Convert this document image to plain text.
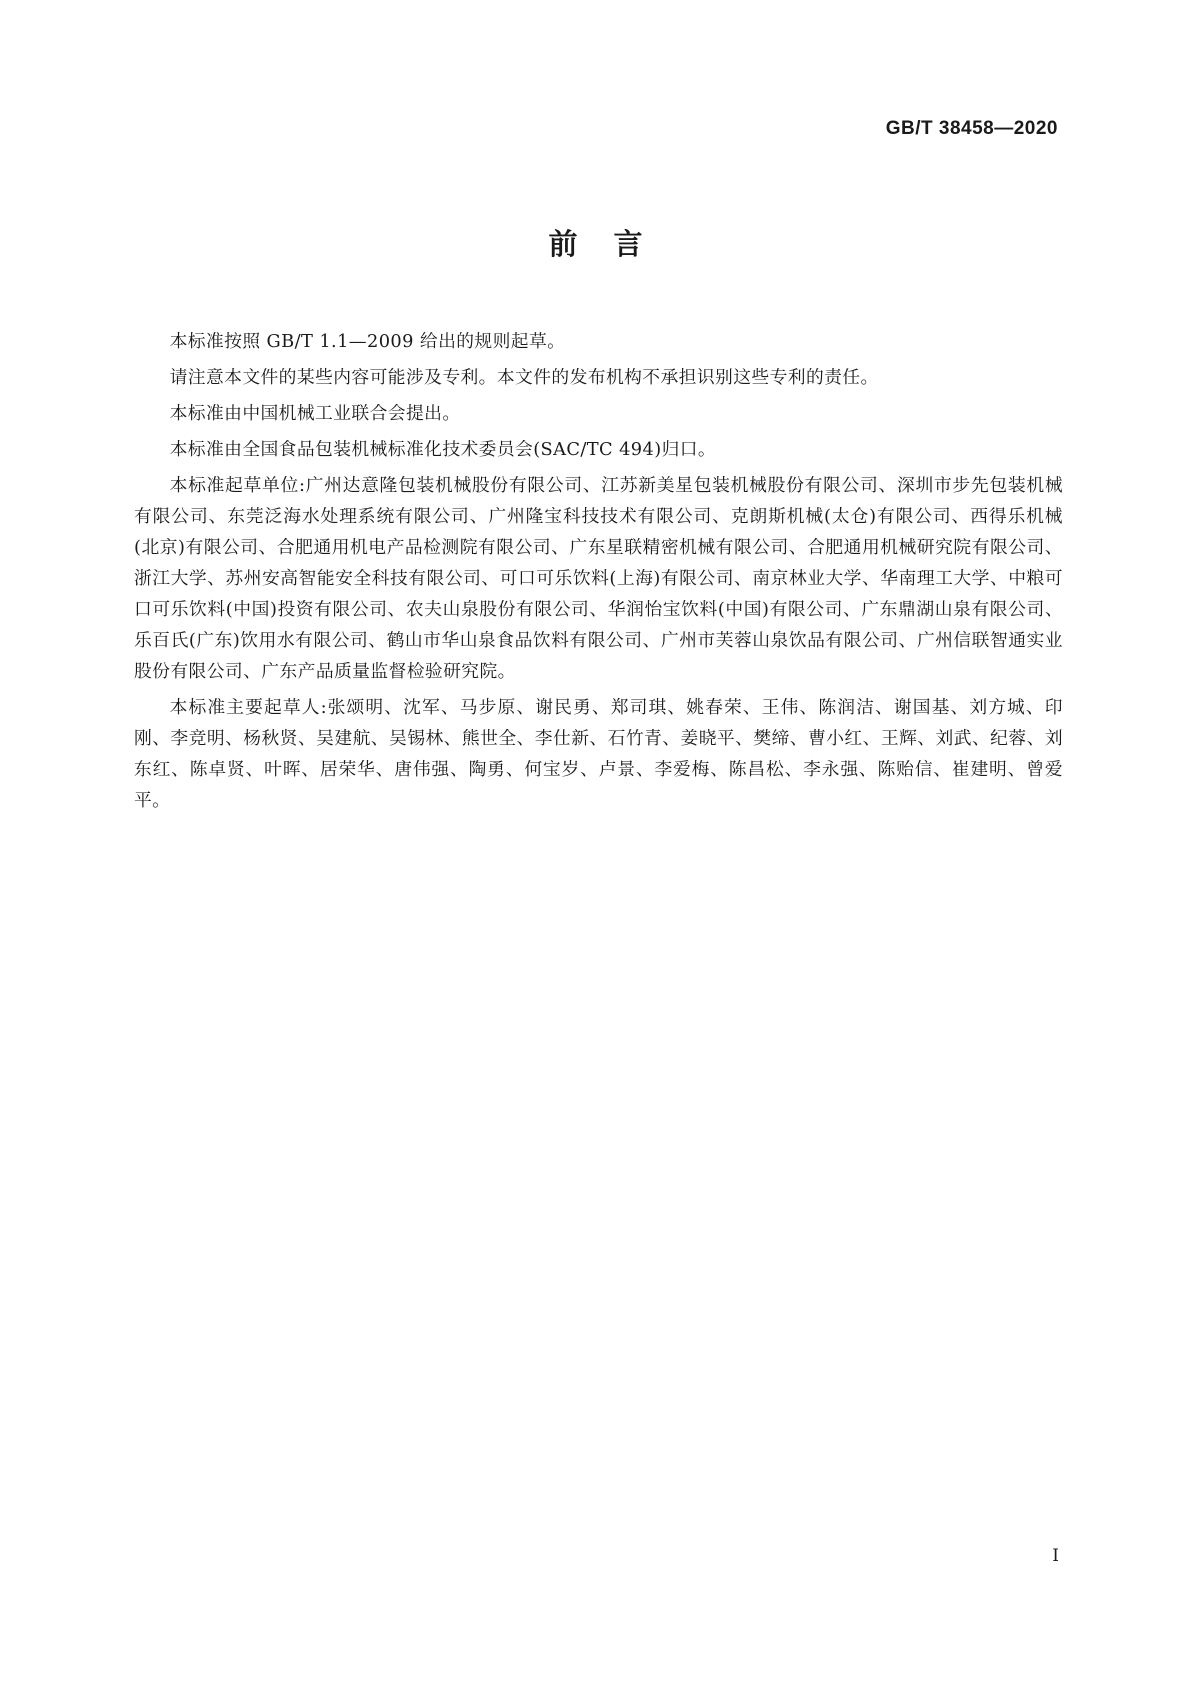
GB/T 38458—2020
前言

本标准按照 GB/T 1.1—2009 给出的规则起草。

请注意本文件的某些内容可能涉及专利。本文件的发布机构不承担识别这些专利的责任。

本标准由中国机械工业联合会提出。

本标准由全国食品包装机械标准化技术委员会(SAC/TC 494)归口。

本标准起草单位:广州达意隆包装机械股份有限公司、江苏新美星包装机械股份有限公司、深圳市步先包装机械有限公司、东莞泛海水处理系统有限公司、广州隆宝科技技术有限公司、克朗斯机械(太仓)有限公司、西得乐机械(北京)有限公司、合肥通用机电产品检测院有限公司、广东星联精密机械有限公司、合肥通用机械研究院有限公司、浙江大学、苏州安高智能安全科技有限公司、可口可乐饮料(上海)有限公司、南京林业大学、华南理工大学、中粮可口可乐饮料(中国)投资有限公司、农夫山泉股份有限公司、华润怡宝饮料(中国)有限公司、广东鼎湖山泉有限公司、乐百氏(广东)饮用水有限公司、鹤山市华山泉食品饮料有限公司、广州市芙蓉山泉饮品有限公司、广州信联智通实业股份有限公司、广东产品质量监督检验研究院。

本标准主要起草人:张颂明、沈军、马步原、谢民勇、郑司琪、姚春荣、王伟、陈润洁、谢国基、刘方城、印刚、李竞明、杨秋贤、吴建航、吴锡林、熊世全、李仕新、石竹青、姜晓平、樊缔、曹小红、王辉、刘武、纪蓉、刘东红、陈卓贤、叶晖、居荣华、唐伟强、陶勇、何宝岁、卢景、李爱梅、陈昌松、李永强、陈贻信、崔建明、曾爱平。

I
